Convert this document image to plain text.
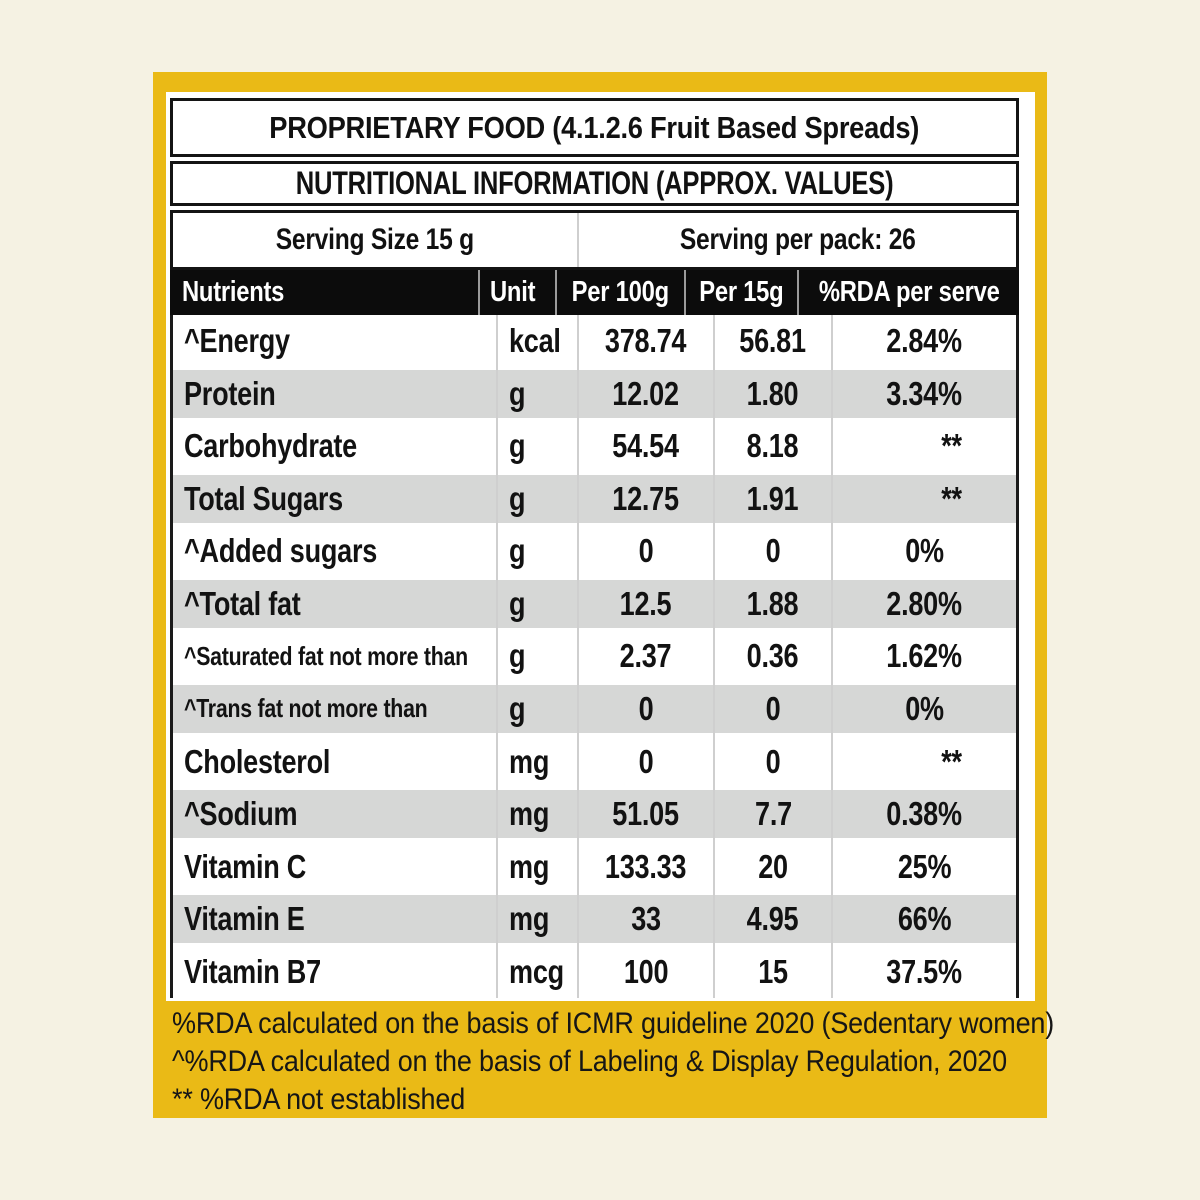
PROPRIETARY FOOD (4.1.2.6 Fruit Based Spreads)
NUTRITIONAL INFORMATION (APPROX. VALUES)
Serving Size 15 g	Serving per pack: 26
Nutrients	Unit Per 100g Per 15g %RDA per serve
^Energy	kcal 378.74 56.81 2.84%
Protein	g	12.02 1.80	3.34%
Carbohydrate	g	54.54 8.18	**
Total Sugars	g	12.75 1.91	**
^Added sugars	g	0	0	0%
^Total fat	g	12.5 1.88	2.80%
^Saturated fat not more than g	2.37 0.36	1.62%
^Trans fat not more than g	0	0	0%
Cholesterol	mg	0	0	**
^Sodium	mg 51.05 7.7	0.38%
Vitamin C	mg 133.33 20	25%
Vitamin E	mg 33	4.95	66%
Vitamin B7	mcg 100	15	37.5%
%RDA calculated on the basis of ICMR guideline 2020 (Sedentary women)
^%RDA calculated on the basis of Labeling & Display Regulation, 2020
** %RDA not established
